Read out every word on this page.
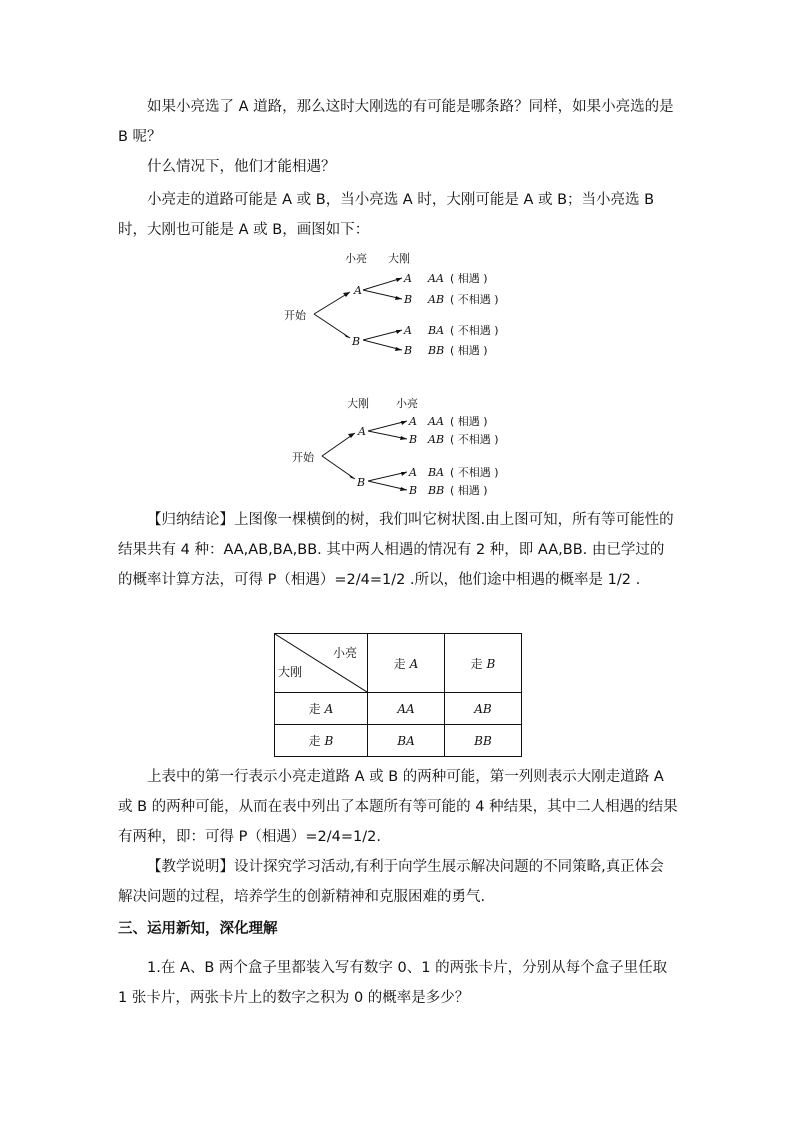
如果小亮选了 A 道路，那么这时大刚选的有可能是哪条路？同样，如果小亮选的是 B 呢？

什么情况下，他们才能相遇？

小亮走的道路可能是 A 或 B，当小亮选 A 时，大刚可能是 A 或 B；当小亮选 B 时，大刚也可能是 A 或 B，画图如下：

小亮 大刚
开始
A
B
A
B
A
B
AA
AB
BA
BB
( 相遇 )
( 不相遇 )
( 不相遇 )
( 相遇 )
大刚 小亮
开始
A
B
A
B
A
B
AA
AB
BA
BB
( 相遇 )
( 不相遇 )
( 不相遇 )
( 相遇 )

【归纳结论】上图像一棵横倒的树，我们叫它树状图.由上图可知，所有等可能性的结果共有 4 种：AA,AB,BA,BB. 其中两人相遇的情况有 2 种，即 AA,BB. 由已学过的的概率计算方法，可得 P（相遇）=2/4=1/2 .所以，他们途中相遇的概率是 1/2 .

小亮
大刚	走 A	走 B
走 A	AA	AB
走 B	BA	BB

上表中的第一行表示小亮走道路 A 或 B 的两种可能，第一列则表示大刚走道路 A 或 B 的两种可能，从而在表中列出了本题所有等可能的 4 种结果，其中二人相遇的结果有两种，即：可得 P（相遇）=2/4=1/2.

【教学说明】设计探究学习活动,有利于向学生展示解决问题的不同策略,真正体会解决问题的过程，培养学生的创新精神和克服困难的勇气.

三、运用新知，深化理解

1.在 A、B 两个盒子里都装入写有数字 0、1 的两张卡片，分别从每个盒子里任取 1 张卡片，两张卡片上的数字之积为 0 的概率是多少？
